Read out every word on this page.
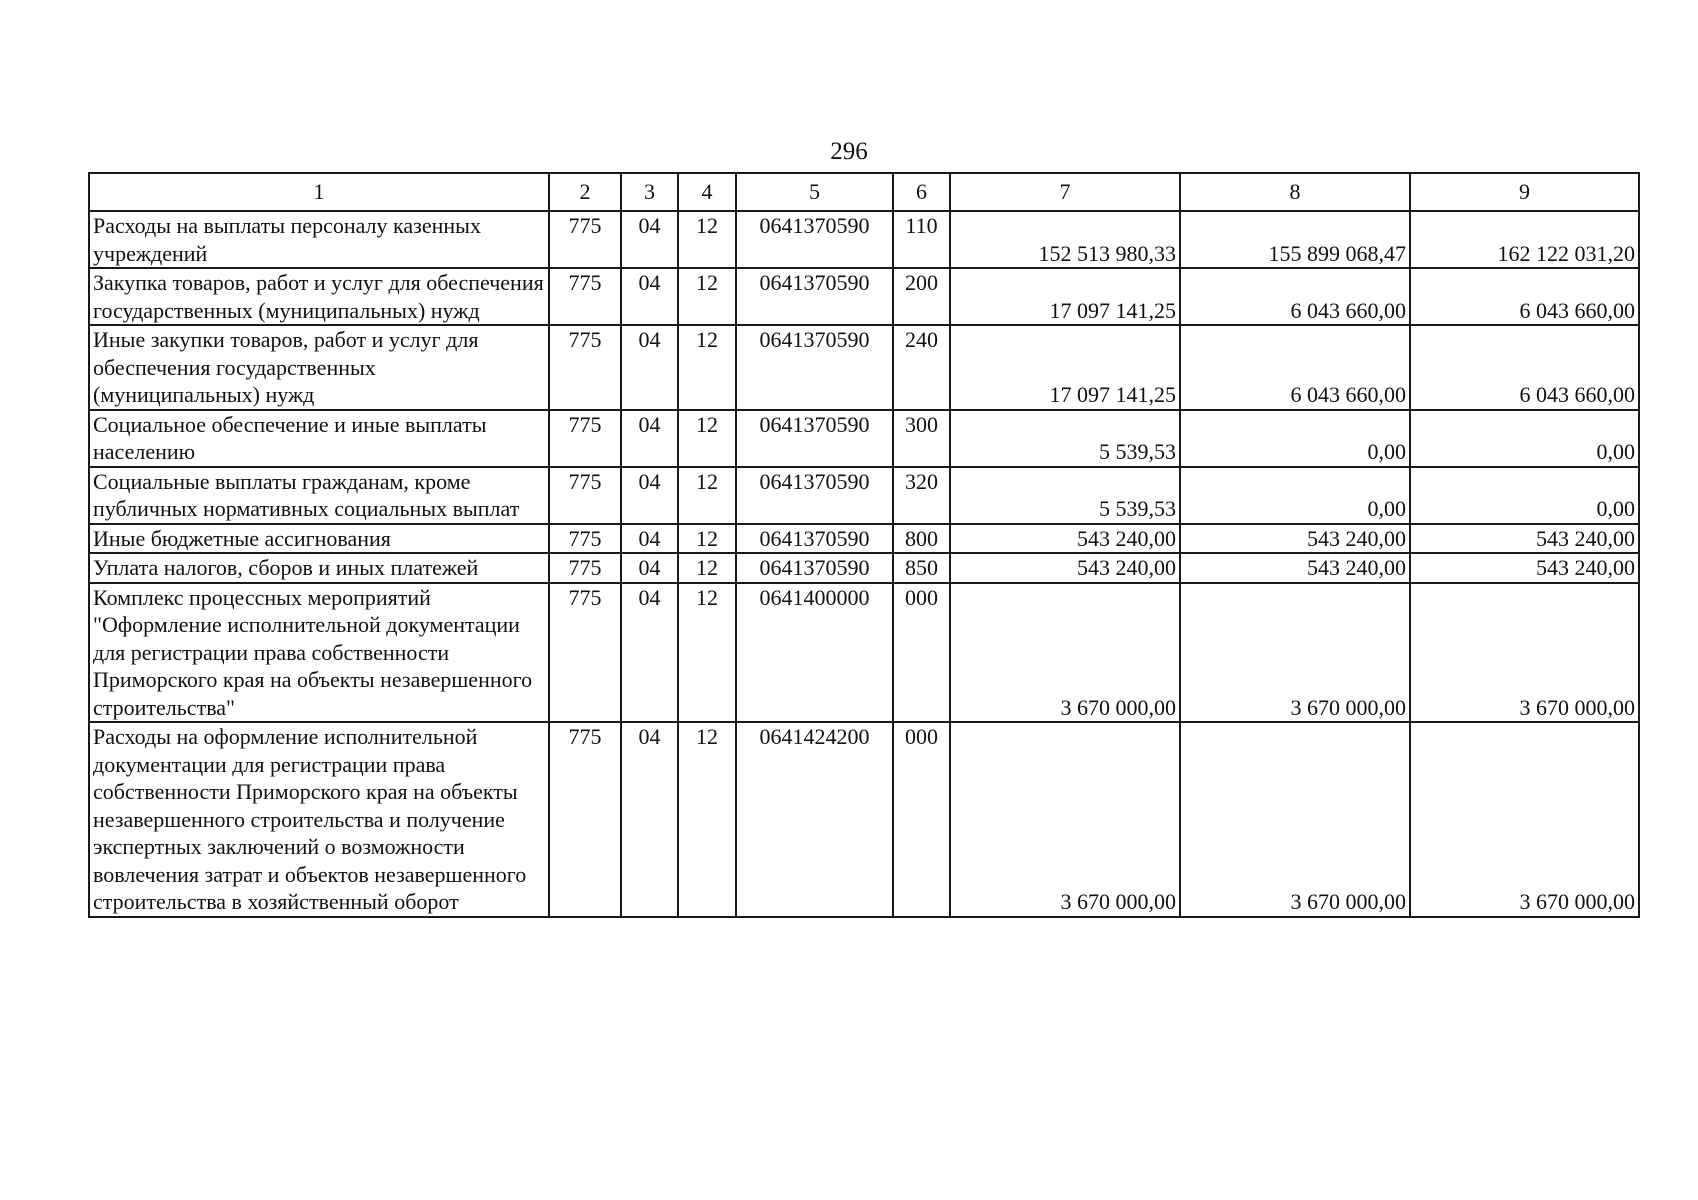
296
1	2	3	4	5	6	7	8	9
Расходы на выплаты персоналу казенных учреждений	775	04	12	0641370590	110	152 513 980,33	155 899 068,47	162 122 031,20
Закупка товаров, работ и услуг для обеспечения государственных (муниципальных) нужд	775	04	12	0641370590	200	17 097 141,25	6 043 660,00	6 043 660,00
Иные закупки товаров, работ и услуг для обеспечения государственных (муниципальных) нужд	775	04	12	0641370590	240	17 097 141,25	6 043 660,00	6 043 660,00
Социальное обеспечение и иные выплаты населению	775	04	12	0641370590	300	5 539,53	0,00	0,00
Социальные выплаты гражданам, кроме публичных нормативных социальных выплат	775	04	12	0641370590	320	5 539,53	0,00	0,00
Иные бюджетные ассигнования	775	04	12	0641370590	800	543 240,00	543 240,00	543 240,00
Уплата налогов, сборов и иных платежей	775	04	12	0641370590	850	543 240,00	543 240,00	543 240,00
Комплекс процессных мероприятий "Оформление исполнительной документации для регистрации права собственности Приморского края на объекты незавершенного строительства"	775	04	12	0641400000	000	3 670 000,00	3 670 000,00	3 670 000,00
Расходы на оформление исполнительной документации для регистрации права собственности Приморского края на объекты незавершенного строительства и получение экспертных заключений о возможности вовлечения затрат и объектов незавершенного строительства в хозяйственный оборот	775	04	12	0641424200	000	3 670 000,00	3 670 000,00	3 670 000,00
